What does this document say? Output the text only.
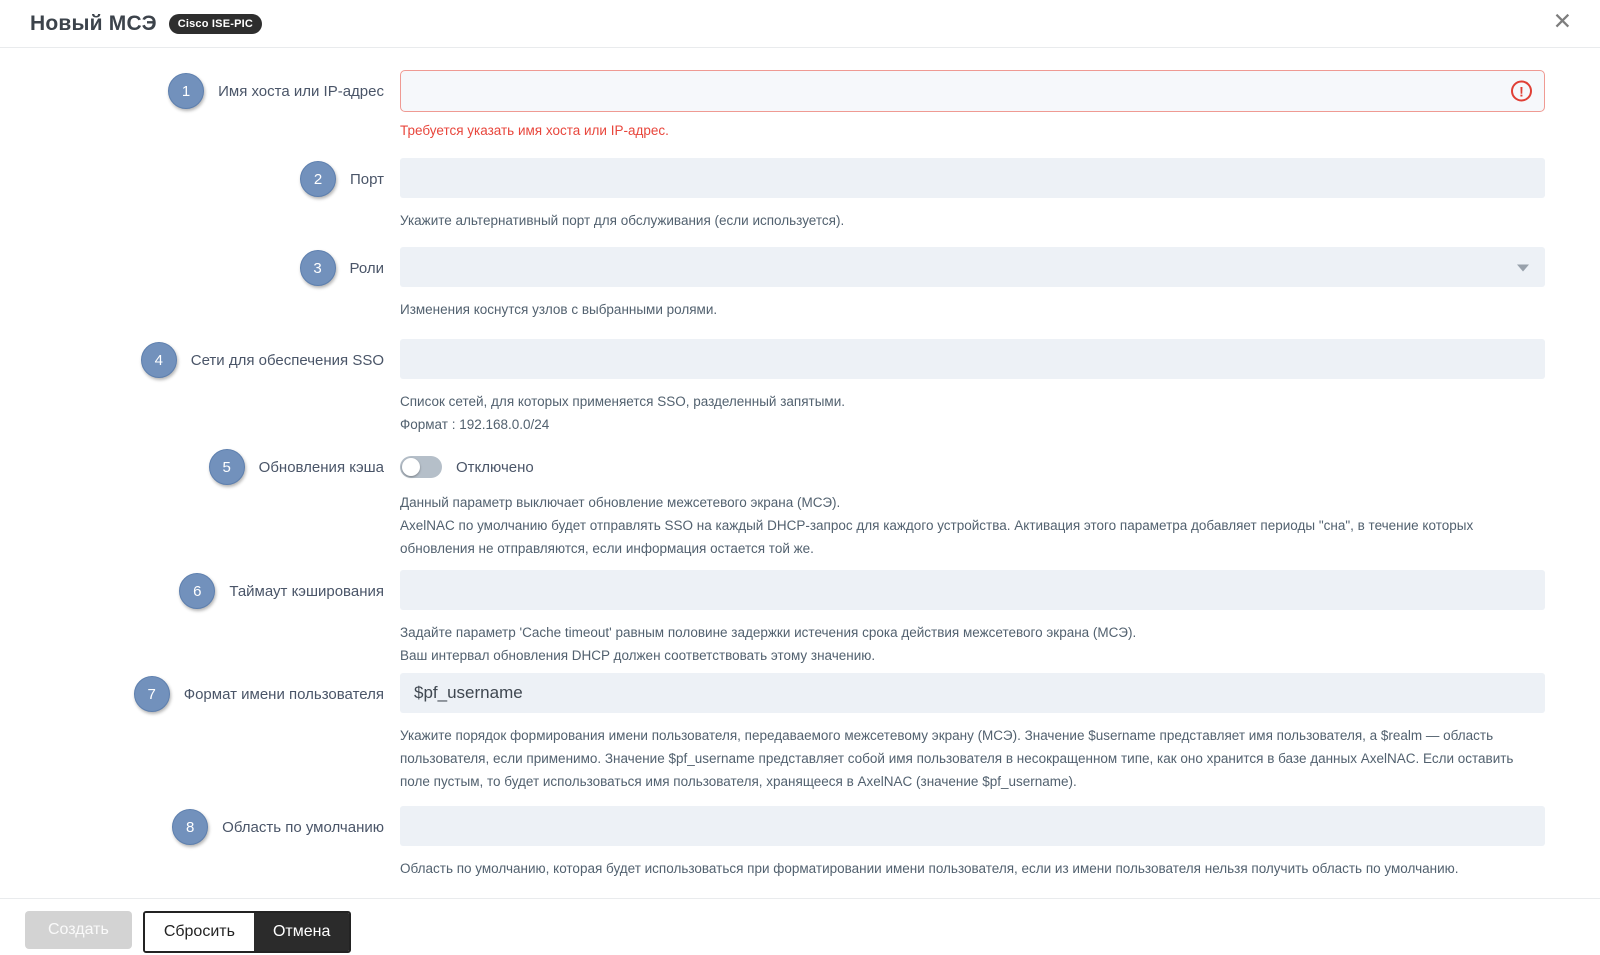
Новый МСЭ	Cisco ISE-PIC	✕
1	Имя хоста или IP-адрес	!
Требуется указать имя хоста или IP-адрес.
2	Порт

Укажите альтернативный порт для обслуживания (если используется).

3	Роли

Изменения коснутся узлов с выбранными ролями.

4	Сети для обеспечения SSO

Список сетей, для которых применяется SSO, разделенный запятыми.

Формат : 192.168.0.0/24

5	Обновления кэша	Отключено

Данный параметр выключает обновление межсетевого экрана (МСЭ).

AxelNAC по умолчанию будет отправлять SSO на каждый DHCP-запрос для каждого устройства. Активация этого параметра добавляет периоды "сна", в течение которых обновления не отправляются, если информация остается той же.

6	Таймаут кэширования

Задайте параметр 'Cache timeout' равным половине задержки истечения срока действия межсетевого экрана (МСЭ).

Ваш интервал обновления DHCP должен соответствовать этому значению.

7	Формат имени пользователя
$pf_username

Укажите порядок формирования имени пользователя, передаваемого межсетевому экрану (МСЭ). Значение $username представляет имя пользователя, а $realm — область пользователя, если применимо. Значение $pf_username представляет собой имя пользователя в несокращенном типе, как оно хранится в базе данных AxelNAC. Если оставить поле пустым, то будет использоваться имя пользователя, хранящееся в AxelNAC (значение $pf_username).

8	Область по умолчанию

Область по умолчанию, которая будет использоваться при форматировании имени пользователя, если из имени пользователя нельзя получить область по умолчанию.

Создать	Сбросить	Отмена
